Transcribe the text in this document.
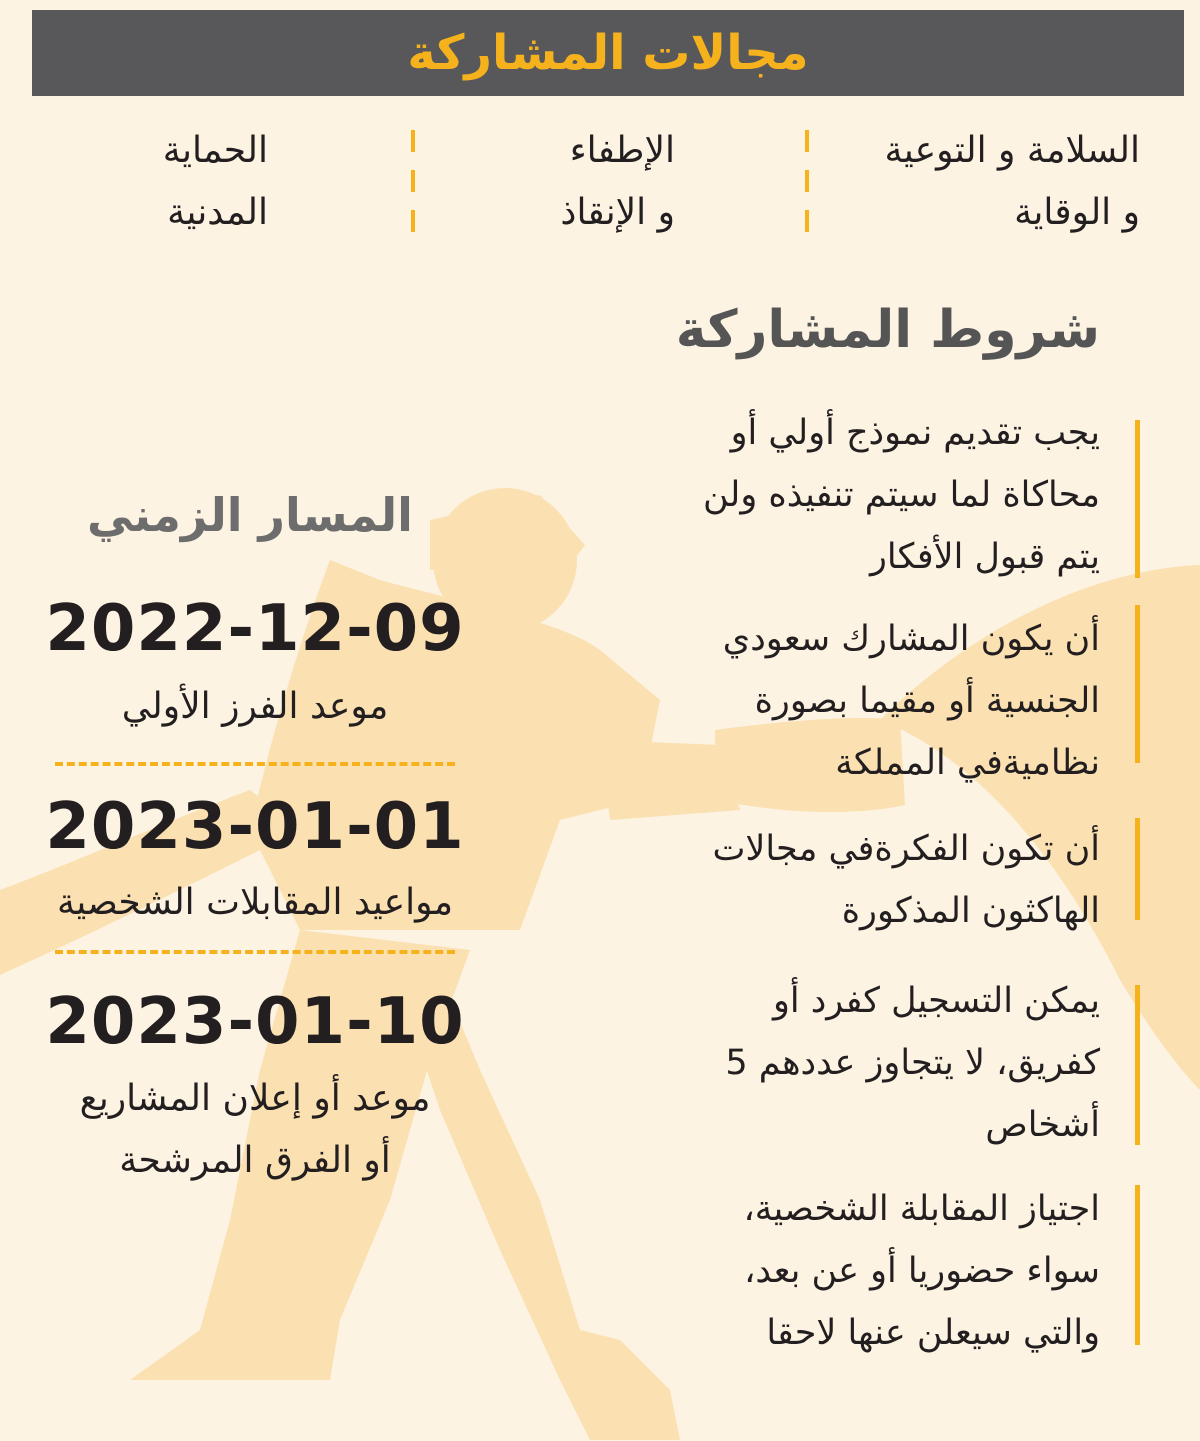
مجالات المشاركة
السلامة و التوعية
و الوقاية
الإطفاء
و الإنقاذ
الحماية
المدنية
شروط المشاركة
يجب تقديم نموذج أولي أو
محاكاة لما سيتم تنفيذه ولن
يتم قبول الأفكار
أن يكون المشارك سعودي
الجنسية أو مقيما بصورة
نظاميةفي المملكة
أن تكون الفكرةفي مجالات
الهاكثون المذكورة
يمكن التسجيل كفرد أو
كفريق، لا يتجاوز عددهم 5
أشخاص
اجتياز المقابلة الشخصية،
سواء حضوريا أو عن بعد،
والتي سيعلن عنها لاحقا
المسار الزمني
2022-12-09
موعد الفرز الأولي
2023-01-01
مواعيد المقابلات الشخصية
2023-01-10
موعد أو إعلان المشاريع
أو الفرق المرشحة
